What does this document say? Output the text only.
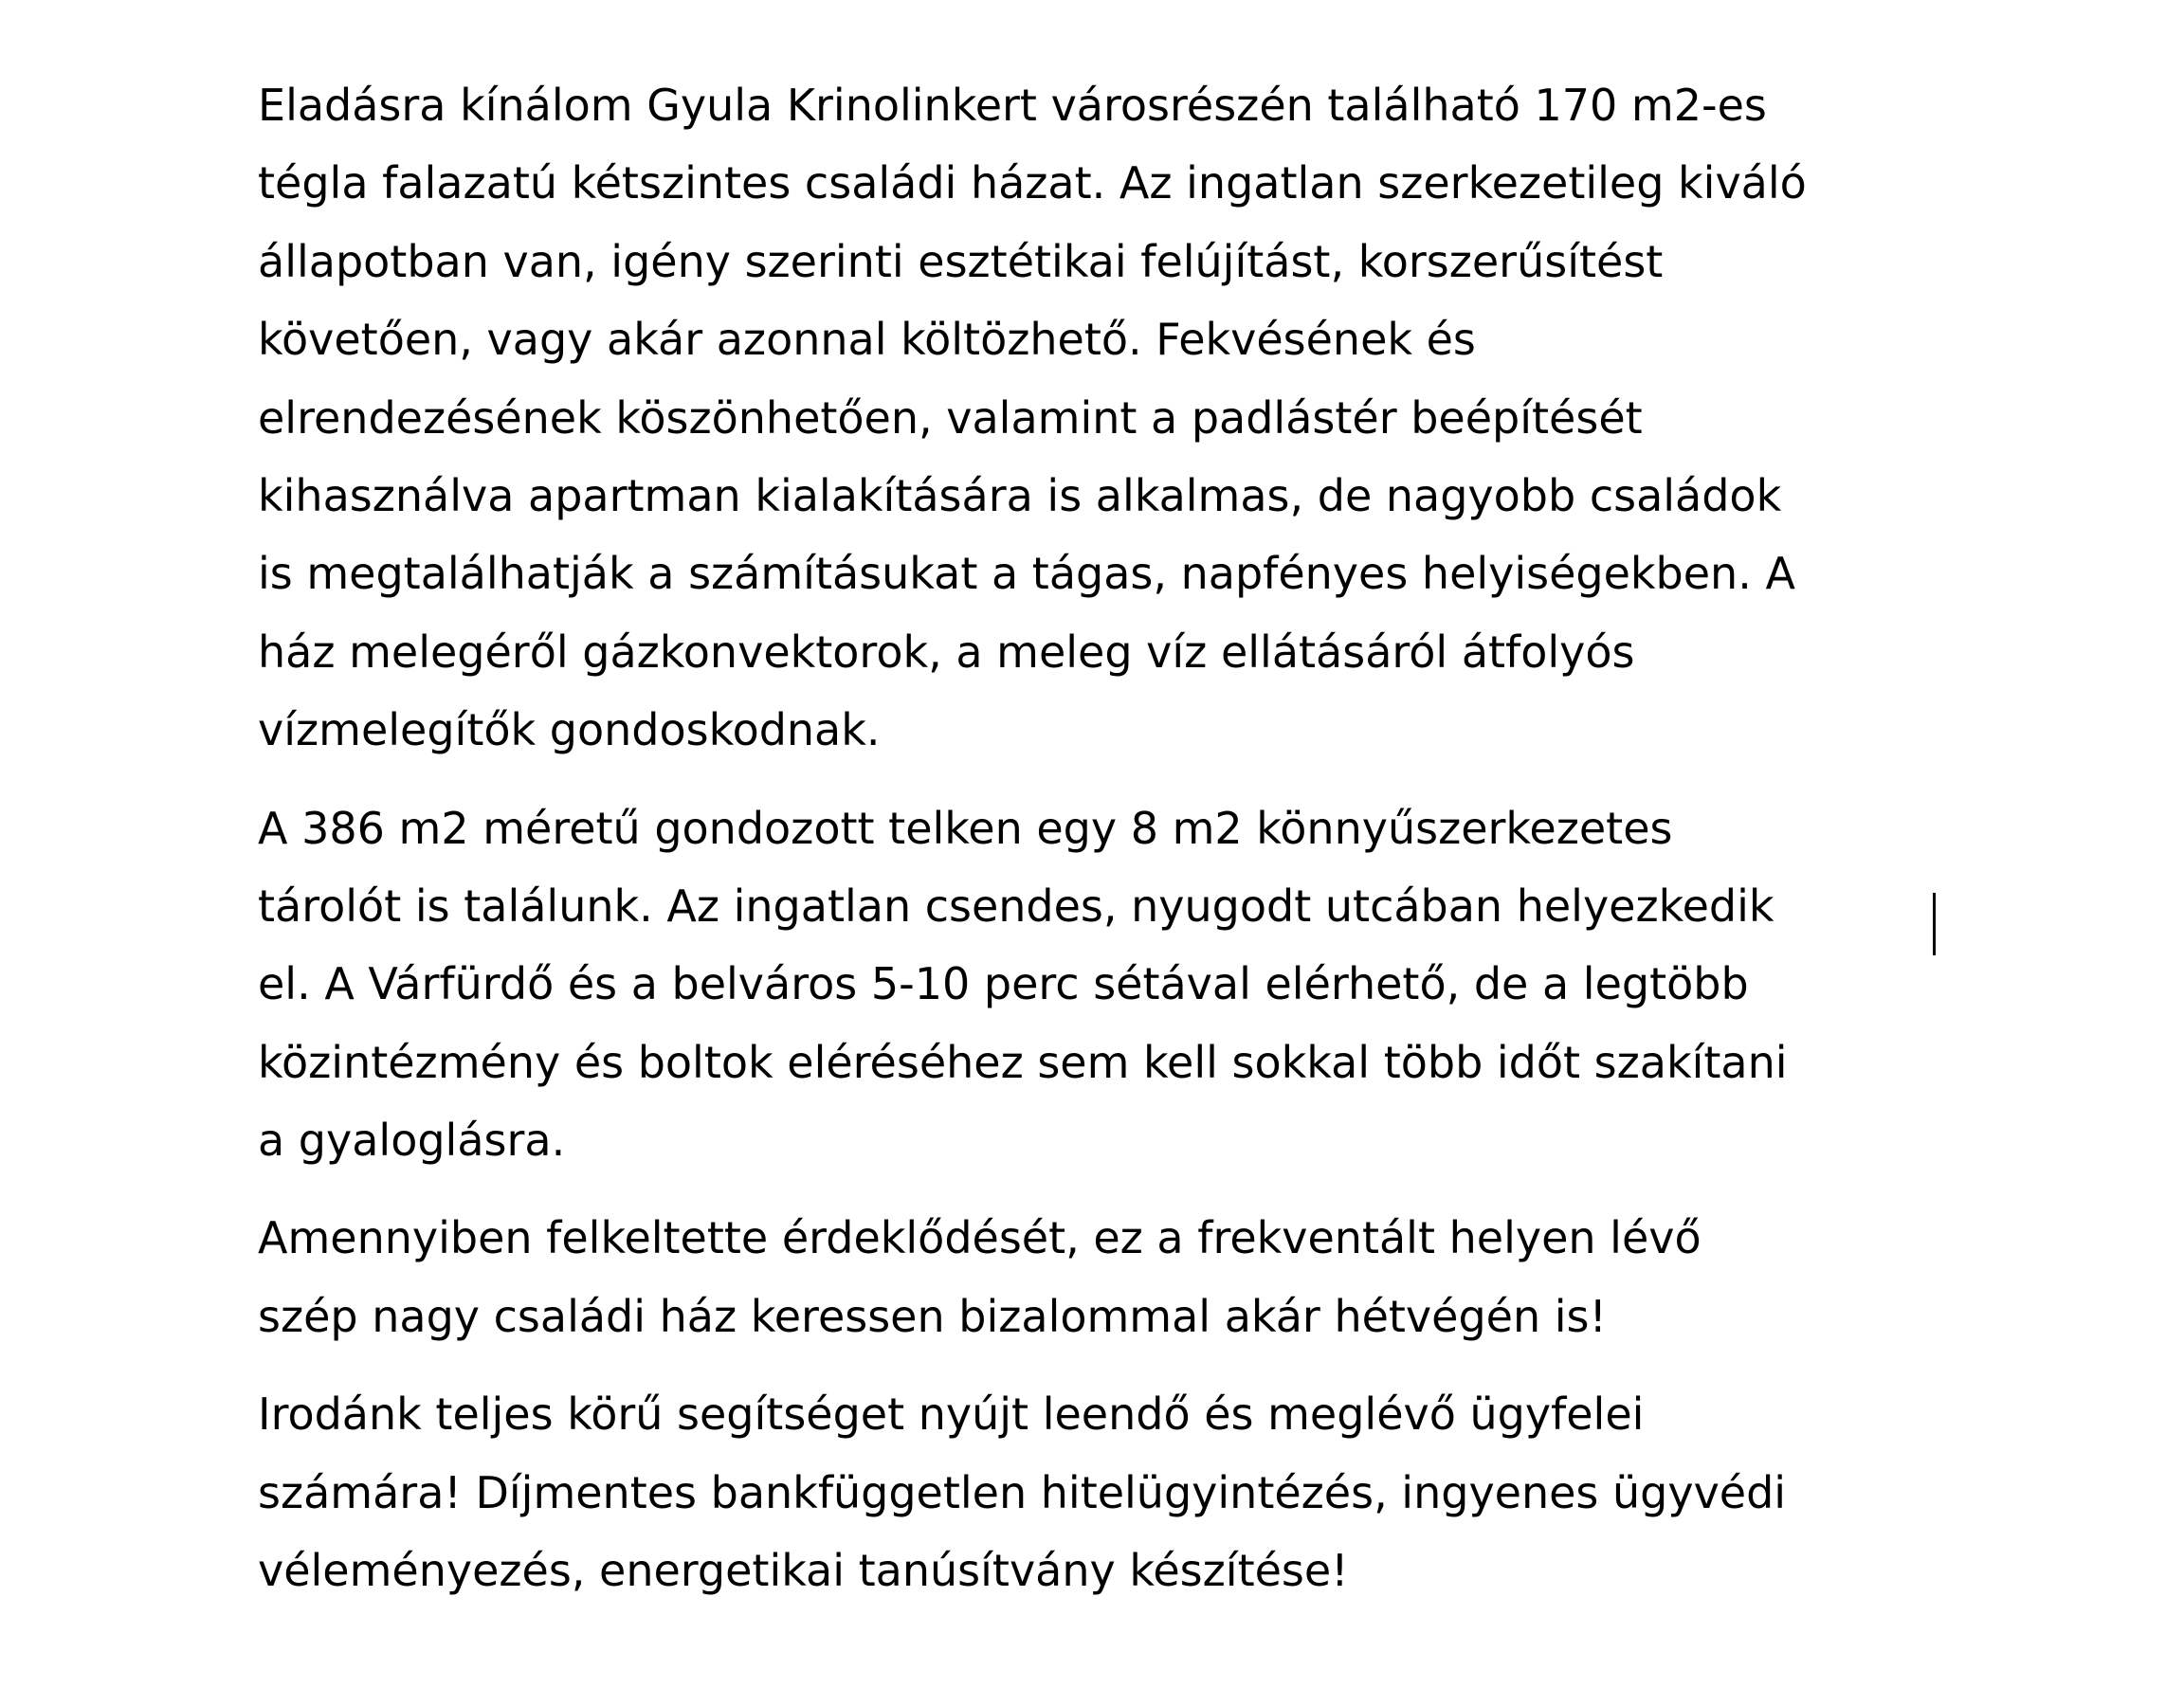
Eladásra kínálom Gyula Krinolinkert városrészén található 170 m2-es
tégla falazatú kétszintes családi házat. Az ingatlan szerkezetileg kiváló
állapotban van, igény szerinti esztétikai felújítást, korszerűsítést
követően, vagy akár azonnal költözhető. Fekvésének és
elrendezésének köszönhetően, valamint a padlástér beépítését
kihasználva apartman kialakítására is alkalmas, de nagyobb családok
is megtalálhatják a számításukat a tágas, napfényes helyiségekben. A
ház melegéről gázkonvektorok, a meleg víz ellátásáról átfolyós
vízmelegítők gondoskodnak.

A 386 m2 méretű gondozott telken egy 8 m2 könnyűszerkezetes
tárolót is találunk. Az ingatlan csendes, nyugodt utcában helyezkedik
el. A Várfürdő és a belváros 5-10 perc sétával elérhető, de a legtöbb
közintézmény és boltok eléréséhez sem kell sokkal több időt szakítani
a gyaloglásra.

Amennyiben felkeltette érdeklődését, ez a frekventált helyen lévő
szép nagy családi ház keressen bizalommal akár hétvégén is!

Irodánk teljes körű segítséget nyújt leendő és meglévő ügyfelei
számára! Díjmentes bankfüggetlen hitelügyintézés, ingyenes ügyvédi
véleményezés, energetikai tanúsítvány készítése!
